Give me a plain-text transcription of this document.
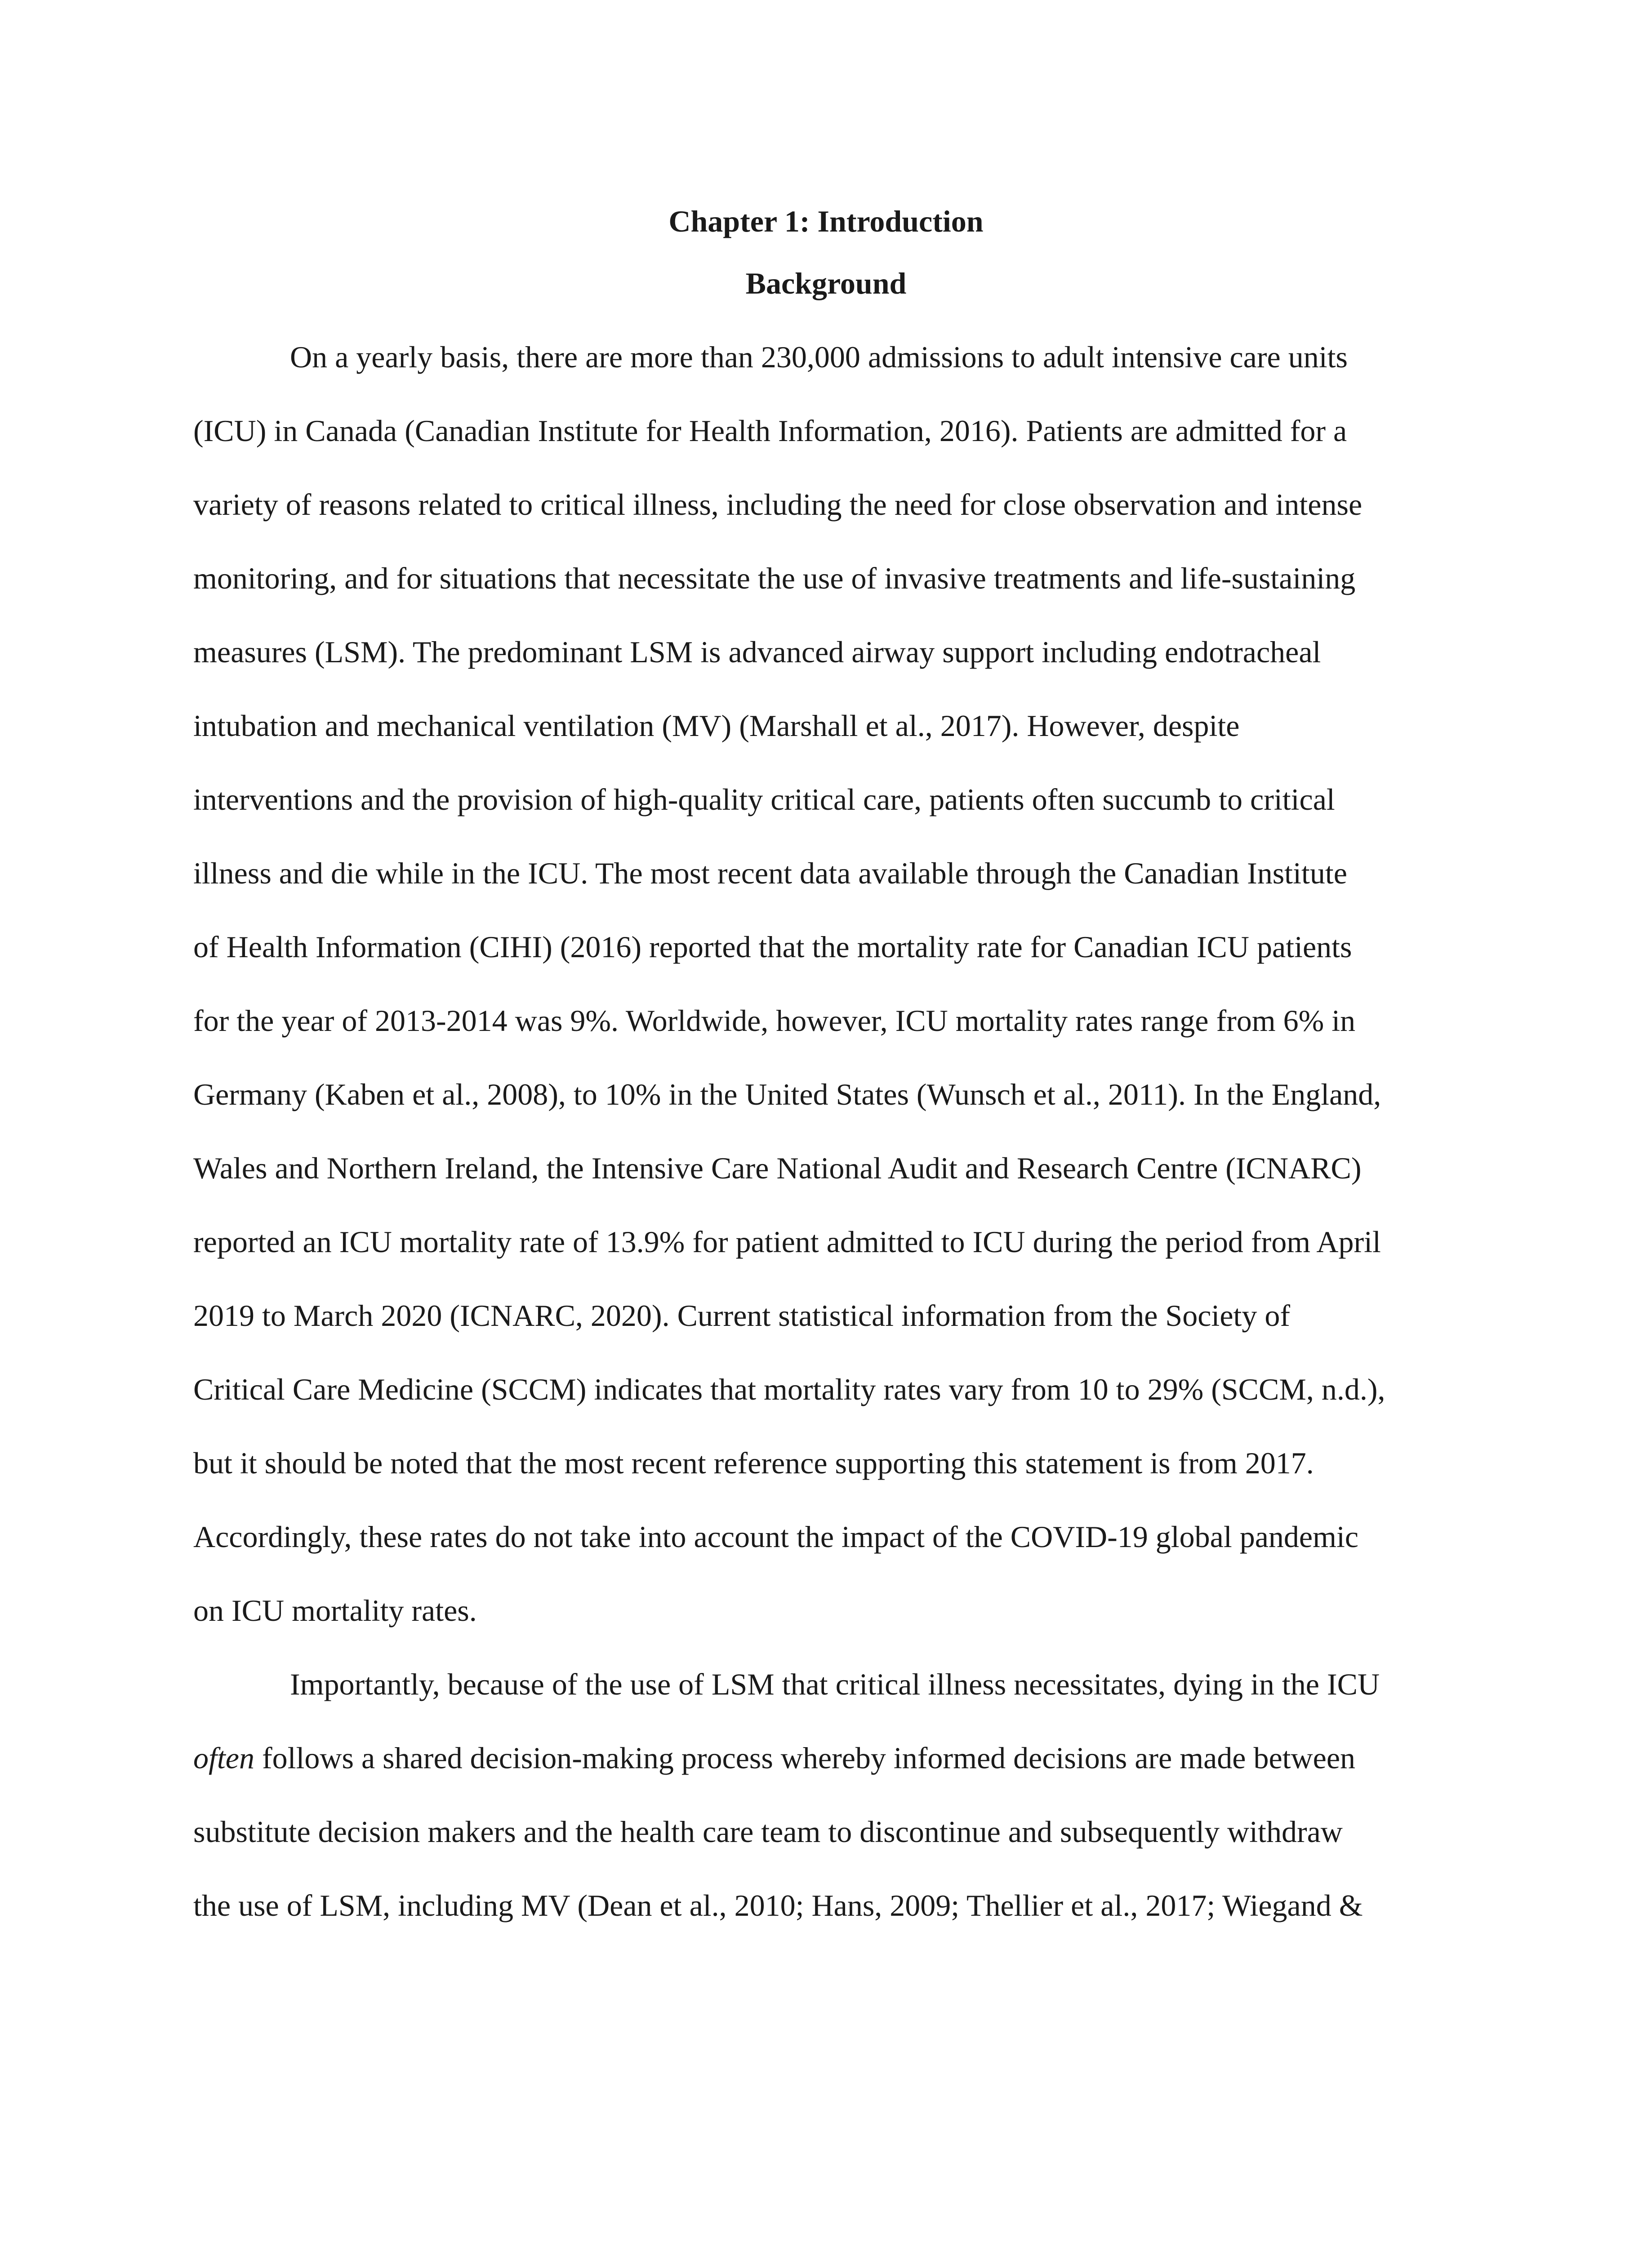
Chapter 1: Introduction
Background
On a yearly basis, there are more than 230,000 admissions to adult intensive care units
(ICU) in Canada (Canadian Institute for Health Information, 2016). Patients are admitted for a
variety of reasons related to critical illness, including the need for close observation and intense
monitoring, and for situations that necessitate the use of invasive treatments and life-sustaining
measures (LSM). The predominant LSM is advanced airway support including endotracheal
intubation and mechanical ventilation (MV) (Marshall et al., 2017). However, despite
interventions and the provision of high-quality critical care, patients often succumb to critical
illness and die while in the ICU. The most recent data available through the Canadian Institute
of Health Information (CIHI) (2016) reported that the mortality rate for Canadian ICU patients
for the year of 2013-2014 was 9%. Worldwide, however, ICU mortality rates range from 6% in
Germany (Kaben et al., 2008), to 10% in the United States (Wunsch et al., 2011). In the England,
Wales and Northern Ireland, the Intensive Care National Audit and Research Centre (ICNARC)
reported an ICU mortality rate of 13.9% for patient admitted to ICU during the period from April
2019 to March 2020 (ICNARC, 2020). Current statistical information from the Society of
Critical Care Medicine (SCCM) indicates that mortality rates vary from 10 to 29% (SCCM, n.d.),
but it should be noted that the most recent reference supporting this statement is from 2017.
Accordingly, these rates do not take into account the impact of the COVID-19 global pandemic
on ICU mortality rates.
Importantly, because of the use of LSM that critical illness necessitates, dying in the ICU
often follows a shared decision-making process whereby informed decisions are made between
substitute decision makers and the health care team to discontinue and subsequently withdraw
the use of LSM, including MV (Dean et al., 2010; Hans, 2009; Thellier et al., 2017; Wiegand &
